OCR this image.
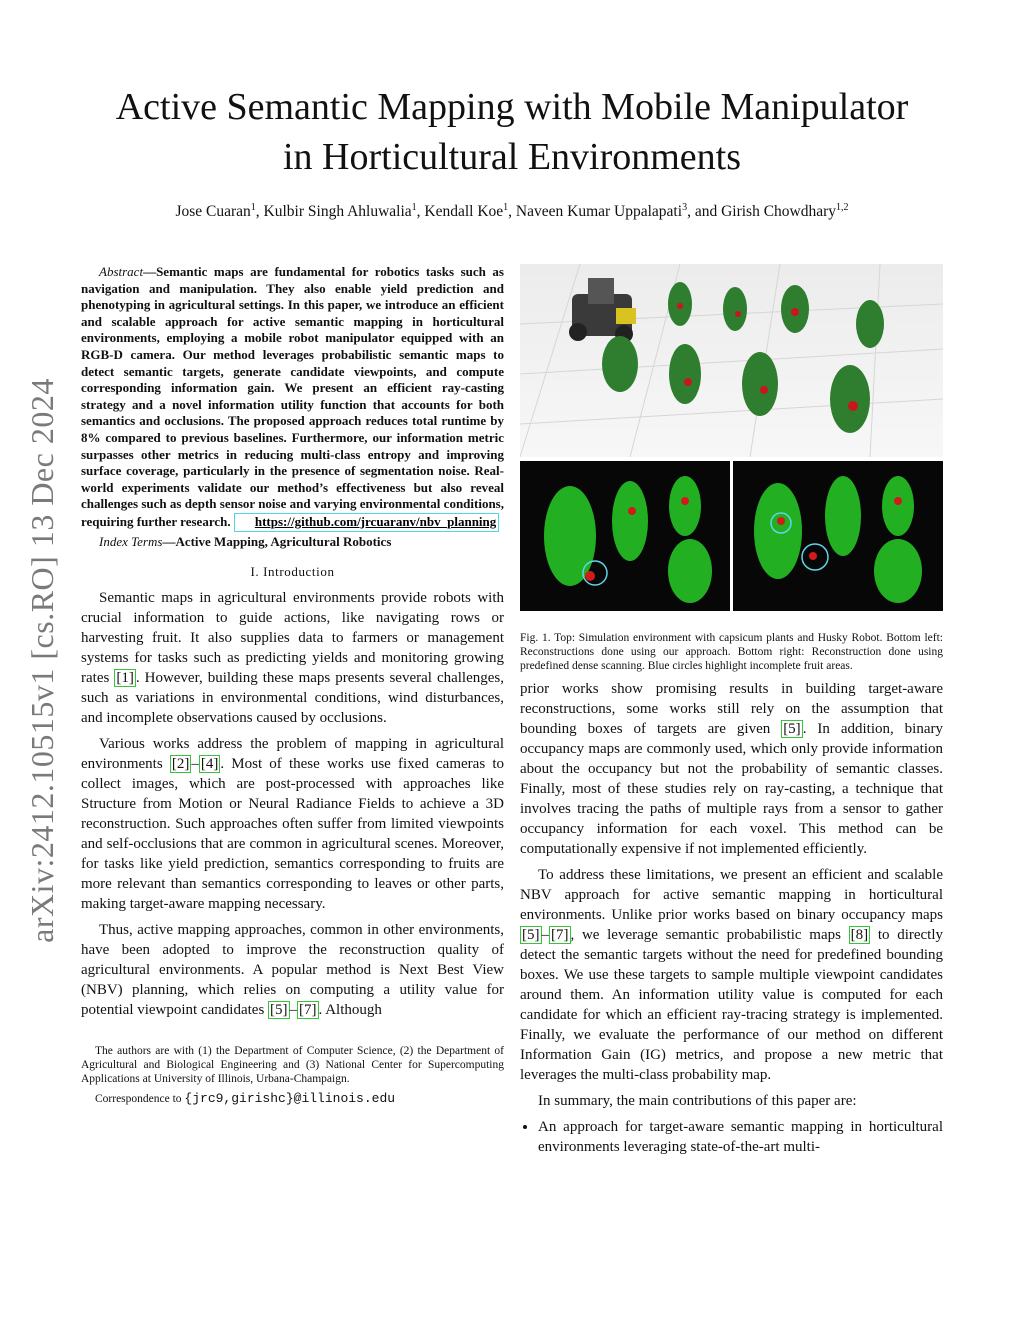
arXiv:2412.10515v1 [cs.RO] 13 Dec 2024
Active Semantic Mapping with Mobile Manipulator
in Horticultural Environments
Jose Cuaran$^1$, Kulbir Singh Ahluwalia$^1$, Kendall Koe$^1$, Naveen Kumar Uppalapati$^3$, and Girish Chowdhary$^{1,2}$

Abstract—Semantic maps are fundamental for robotics tasks such as navigation and manipulation. They also enable yield prediction and phenotyping in agricultural settings. In this paper, we introduce an efficient and scalable approach for active semantic mapping in horticultural environments, employing a mobile robot manipulator equipped with an RGB-D camera. Our method leverages probabilistic semantic maps to detect semantic targets, generate candidate viewpoints, and compute corresponding information gain. We present an efficient ray-casting strategy and a novel information utility function that accounts for both semantics and occlusions. The proposed approach reduces total runtime by 8% compared to previous baselines. Furthermore, our information metric surpasses other metrics in reducing multi-class entropy and improving surface coverage, particularly in the presence of segmentation noise. Real-world experiments validate our method’s effectiveness but also reveal challenges such as depth sensor noise and varying environmental conditions, requiring further research. https://github.com/jrcuaranv/nbv_planning

Index Terms—Active Mapping, Agricultural Robotics

I. Introduction

Semantic maps in agricultural environments provide robots with crucial information to guide actions, like navigating rows or harvesting fruit. It also supplies data to farmers or management systems for tasks such as predicting yields and monitoring growing rates [1] . However, building these maps presents several challenges, such as variations in environmental conditions, wind disturbances, and incomplete observations caused by occlusions.

Various works address the problem of mapping in agricultural environments [2] – [4] . Most of these works use fixed cameras to collect images, which are post-processed with approaches like Structure from Motion or Neural Radiance Fields to achieve a 3D reconstruction. Such approaches often suffer from limited viewpoints and self-occlusions that are common in agricultural scenes. Moreover, for tasks like yield prediction, semantics corresponding to fruits are more relevant than semantics corresponding to leaves or other parts, making target-aware mapping necessary.

Thus, active mapping approaches, common in other environments, have been adopted to improve the reconstruction quality of agricultural environments. A popular method is Next Best View (NBV) planning, which relies on computing a utility value for potential viewpoint candidates [5] – [7] . Although

The authors are with (1) the Department of Computer Science, (2) the Department of Agricultural and Biological Engineering and (3) National Center for Supercomputing Applications at University of Illinois, Urbana-Champaign.

Correspondence to {jrc9,girishc}@illinois.edu

Fig. 1. Top: Simulation environment with capsicum plants and Husky Robot. Bottom left: Reconstructions done using our approach. Bottom right: Reconstruction done using predefined dense scanning. Blue circles highlight incomplete fruit areas.

prior works show promising results in building target-aware reconstructions, some works still rely on the assumption that bounding boxes of targets are given [5] . In addition, binary occupancy maps are commonly used, which only provide information about the occupancy but not the probability of semantic classes. Finally, most of these studies rely on ray-casting, a technique that involves tracing the paths of multiple rays from a sensor to gather occupancy information for each voxel. This method can be computationally expensive if not implemented efficiently.

To address these limitations, we present an efficient and scalable NBV approach for active semantic mapping in horticultural environments. Unlike prior works based on binary occupancy maps [5] – [7] , we leverage semantic probabilistic maps [8] to directly detect the semantic targets without the need for predefined bounding boxes. We use these targets to sample multiple viewpoint candidates around them. An information utility value is computed for each candidate for which an efficient ray-tracing strategy is implemented. Finally, we evaluate the performance of our method on different Information Gain (IG) metrics, and propose a new metric that leverages the multi-class probability map.

In summary, the main contributions of this paper are:

• An approach for target-aware semantic mapping in horticultural environments leveraging state-of-the-art multi-
